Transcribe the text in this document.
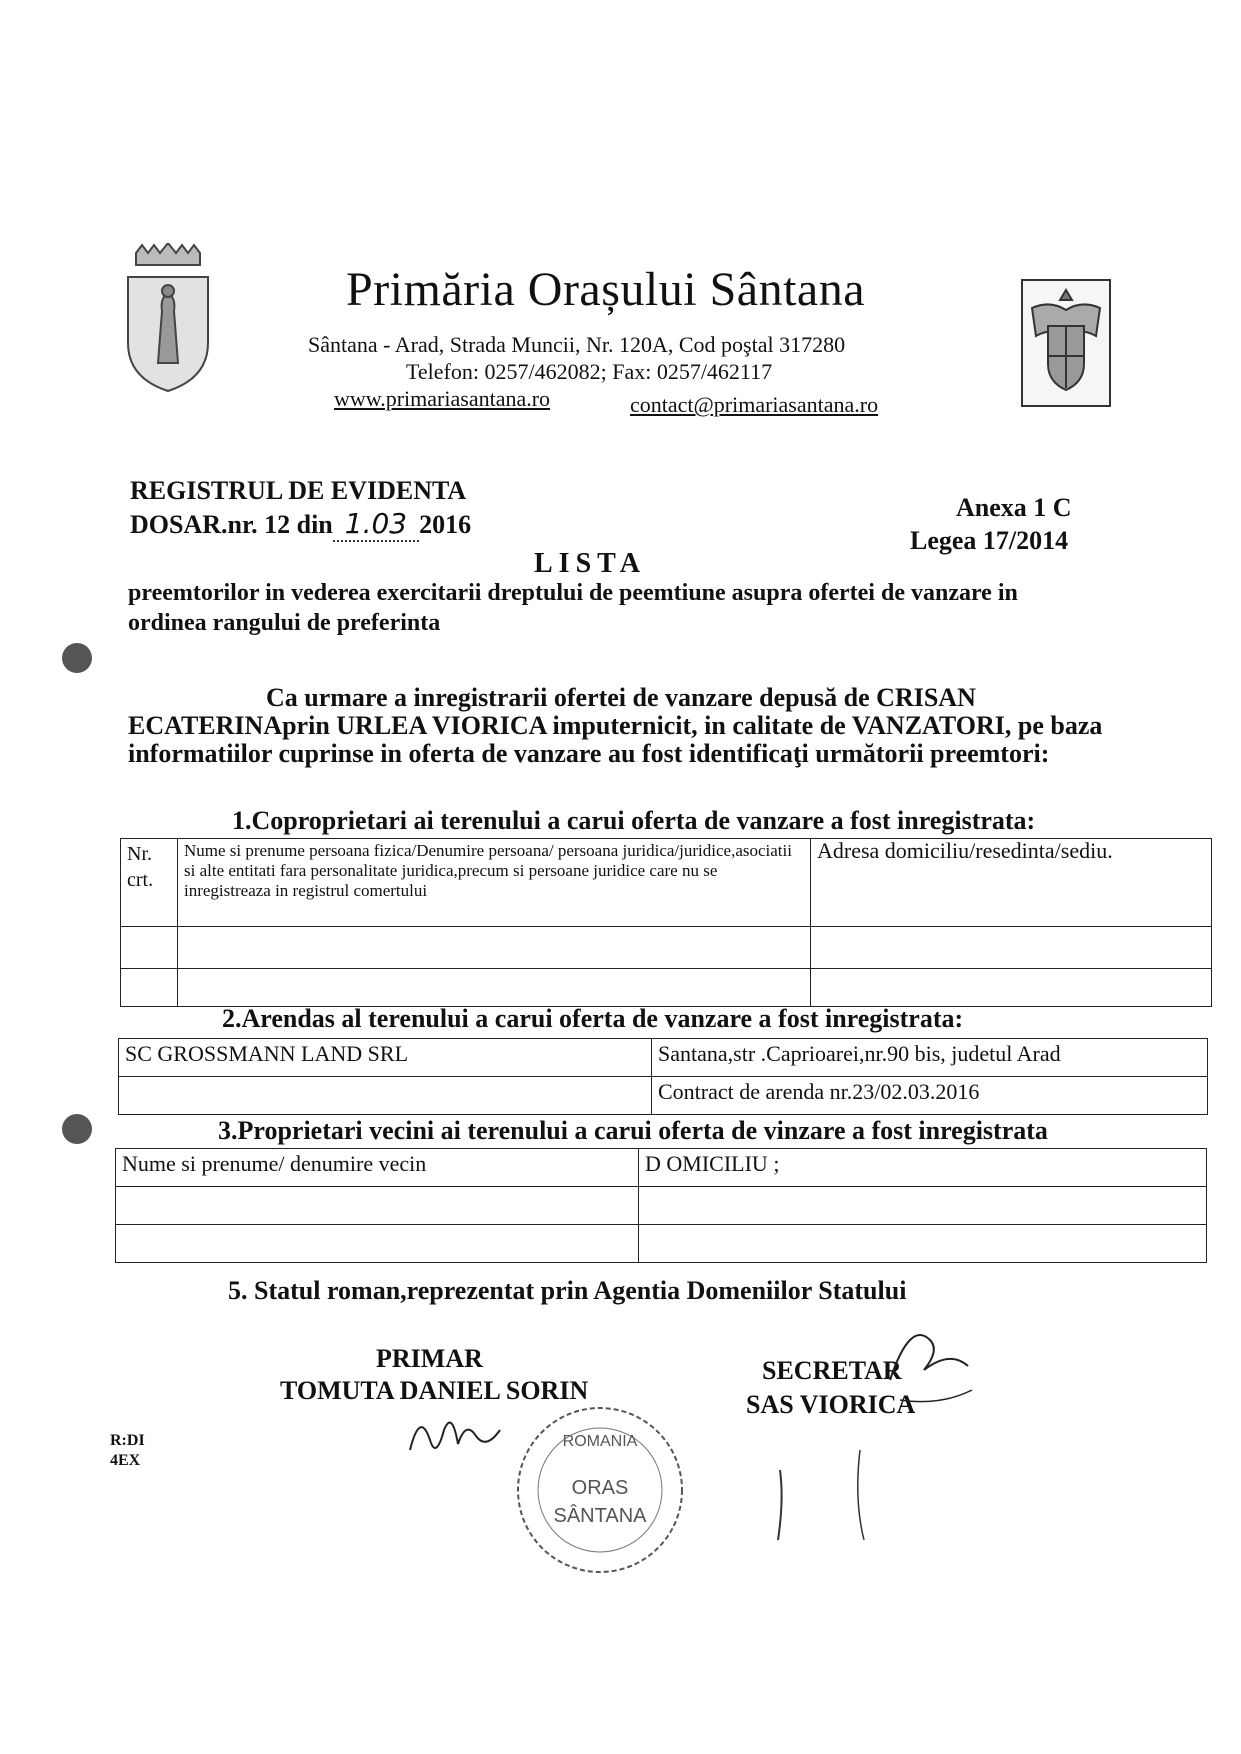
Primăria Orașului Sântana
Sântana - Arad, Strada Muncii, Nr. 120A, Cod poştal 317280
Telefon: 0257/462082; Fax: 0257/462117
www.primariasantana.ro	contact@primariasantana.ro
REGISTRUL DE EVIDENTA
DOSAR.nr. 12 din 1.03 2016
Anexa 1 C
Legea 17/2014
LISTA
preemtorilor in vederea exercitarii dreptului de peemtiune asupra ofertei de vanzare in ordinea rangului de preferinta
Ca urmare a inregistrarii ofertei de vanzare depusă de CRISAN ECATERINAprin URLEA VIORICA imputernicit, in calitate de VANZATORI, pe baza informatiilor cuprinse in oferta de vanzare au fost identificaţi următorii preemtori:
1.Coproprietari ai terenului a carui oferta de vanzare a fost inregistrata:
Nr. crt.	Nume si prenume persoana fizica/Denumire persoana/ persoana juridica/juridice,asociatii si alte entitati fara personalitate juridica,precum si persoane juridice care nu se inregistreaza in registrul comertului	Adresa domiciliu/resedinta/sediu.

2.Arendas al terenului a carui oferta de vanzare a fost inregistrata:
SC GROSSMANN LAND SRL	Santana,str .Caprioarei,nr.90 bis, judetul Arad
	Contract de arenda nr.23/02.03.2016
3.Proprietari vecini ai terenului a carui oferta de vinzare a fost inregistrata
Nume si prenume/ denumire vecin	D OMICILIU ;

5. Statul roman,reprezentat prin Agentia Domeniilor Statului
PRIMAR
TOMUTA DANIEL SORIN
SECRETAR
SAS VIORICA
R:DI
4EX
ROMANIA
ORAS
SÂNTANA
